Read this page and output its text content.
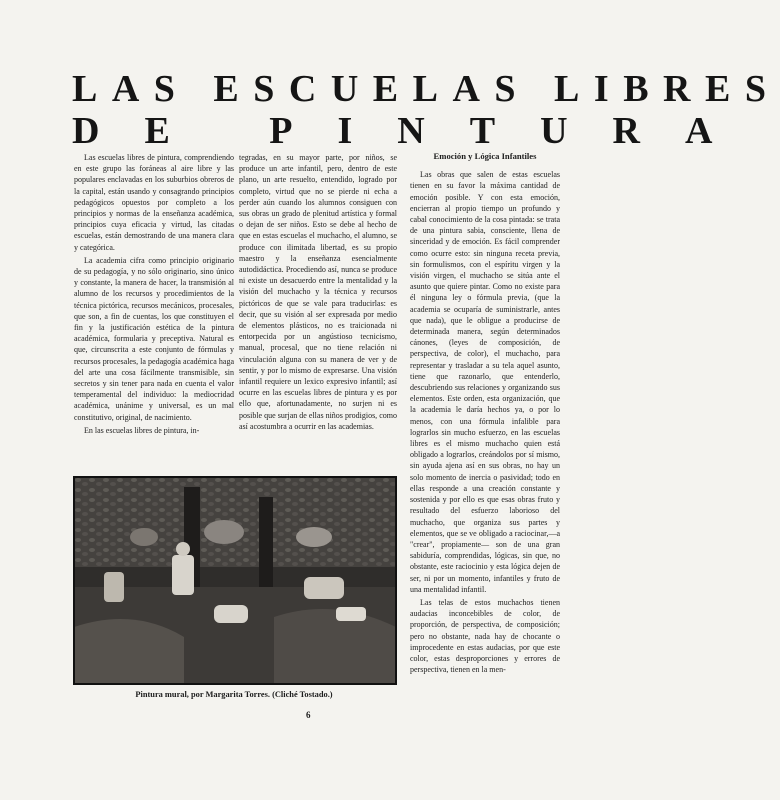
LAS ESCUELAS LIBRES
DE PINTURA

Las escuelas libres de pintura, comprendiendo en este grupo las foráneas al aire libre y las populares enclavadas en los suburbios obreros de la capital, están usando y consagrando principios pedagógicos opuestos por completo a los principios y normas de la enseñanza académica, principios cuya eficacia y virtud, las citadas escuelas, están demostrando de una manera clara y categórica.

La academia cifra como principio originario de su pedagogía, y no sólo originario, sino único y constante, la manera de hacer, la transmisión al alumno de los recursos y procedimientos de la técnica pictórica, recursos mecánicos, procesales, que son, a fin de cuentas, los que constituyen el fin y la justificación estética de la pintura académica, formularia y preceptiva. Natural es que, circunscrita a este conjunto de fórmulas y recursos procesales, la pedagogía académica haga del arte una cosa fácilmente transmisible, sin secretos y sin tener para nada en cuenta el valor temperamental del individuo: la mediocridad académica, unánime y universal, es un mal constitutivo, original, de nacimiento.

En las escuelas libres de pintura, in-

tegradas, en su mayor parte, por niños, se produce un arte infantil, pero, dentro de este plano, un arte resuelto, entendido, logrado por completo, virtud que no se pierde ni echa a perder aún cuando los alumnos consiguen con sus obras un grado de plenitud artística y formal o dejan de ser niños. Esto se debe al hecho de que en estas escuelas el muchacho, el alumno, se produce con ilimitada libertad, es su propio maestro y la enseñanza esencialmente autodidáctica. Procediendo así, nunca se produce ni existe un desacuerdo entre la mentalidad y la visión del muchacho y la técnica y recursos pictóricos de que se vale para traducirlas: es decir, que su visión al ser expresada por medio de elementos plásticos, no es traicionada ni entorpecida por un angústioso tecnicismo, manual, procesal, que no tiene relación ni vinculación alguna con su manera de ver y de sentir, y por lo mismo de expresarse. Una visión infantil requiere un lexico expresivo infantil; así ocurre en las escuelas libres de pintura y es por ello que, afortunadamente, no surjen ni es posible que surjan de ellas niños prodigios, como así acostumbra a ocurrir en las academias.

Emoción y Lógica Infantiles

Las obras que salen de estas escuelas tienen en su favor la máxima cantidad de emoción posible. Y con esta emoción, encierran al propio tiempo un profundo y cabal conocimiento de la cosa pintada: se trata de una pintura sabia, consciente, llena de sinceridad y de emoción. Es fácil comprender como ocurre esto: sin ninguna receta previa, sin formulismos, con el espíritu virgen y la visión virgen, el muchacho se sitúa ante el asunto que quiere pintar. Como no existe para él ninguna ley o fórmula previa, (que la academia se ocuparía de suministrarle, antes que nada), que le obligue a producirse de determinada manera, según determinados cánones, (leyes de composición, de perspectiva, de color), el muchacho, para representar y trasladar a su tela aquel asunto, tiene que razonarlo, que entenderlo, descubriendo sus relaciones y organizando sus elementos. Este orden, esta organización, que la academia le daría hechos ya, o por lo menos, con una fórmula infalible para lograrlos sin mucho esfuerzo, en las escuelas libres es el mismo muchacho quien está obligado a lograrlos, creándolos por sí mismo, sin ayuda ajena así en sus obras, no hay un solo momento de inercia o pasividad; todo en ellas responde a una creación constante y sostenida y por ello es que esas obras fruto y resultado del esfuerzo laborioso del muchacho, que organiza sus partes y elementos, que se ve obligado a raciocinar,—a "crear", propiamente— son de una gran sabiduría, comprendidas, lógicas, sin que, no obstante, este raciocinio y esta lógica dejen de ser, ni por un momento, infantiles y fruto de una mentalidad infantil.

Las telas de estos muchachos tienen audacias inconcebibles de color, de proporción, de perspectiva, de composición; pero no obstante, nada hay de chocante o improcedente en estas audacias, por que este color, estas desproporciones y errores de perspectiva, tienen en la men-

Pintura mural, por Margarita Torres. (Cliché Tostado.)
6
